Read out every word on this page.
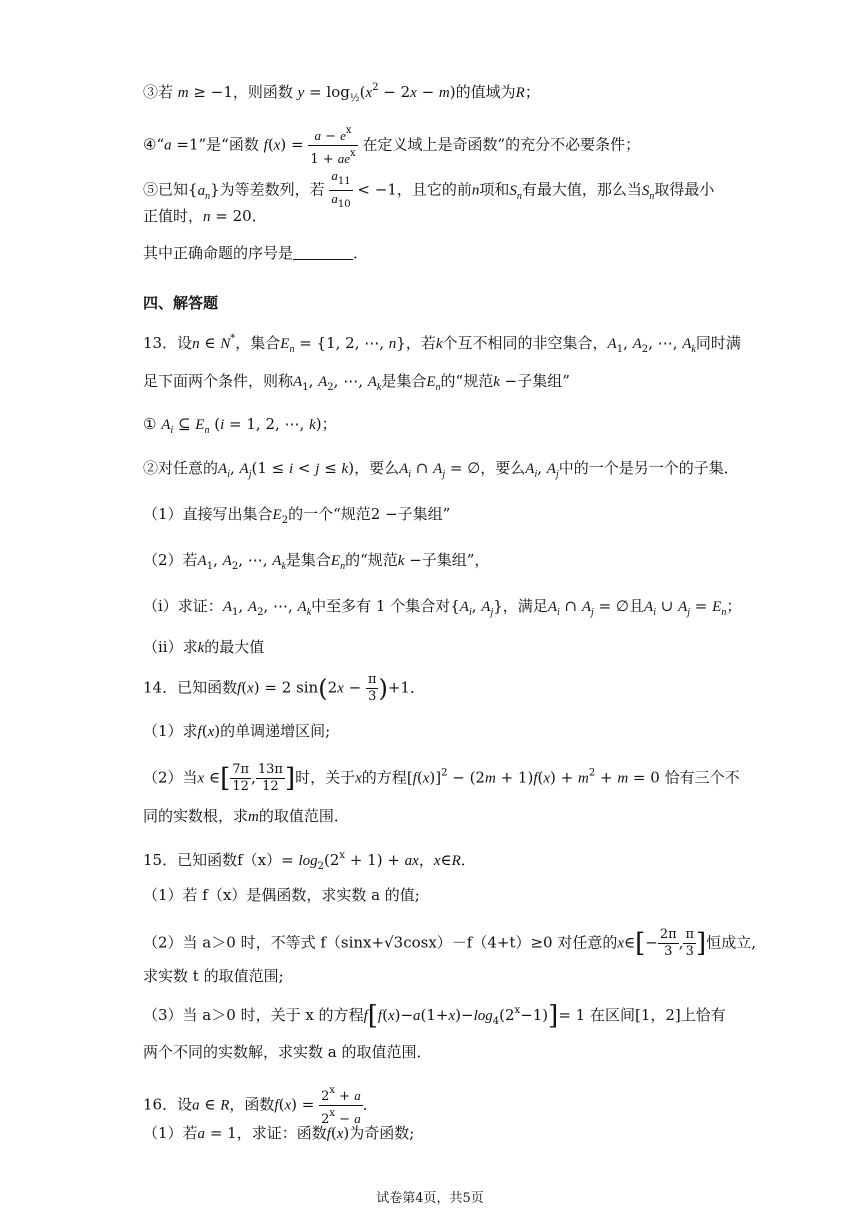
③若 m ≥ −1，则函数 $y = \log_{\frac{1}{2}}(x^2 - 2x - m)$的值域为R；
④“a =1”是“函数 $f(x) = \frac{a - e^x}{1 + ae^x}$ 在定义域上是奇函数”的充分不必要条件；
⑤已知$\{a_n\}$为等差数列，若 $\frac{a_{11}}{a_{10}} < -1$，且它的前n项和$S_n$有最大值，那么当$S_n$取得最小
正值时，n = 20．
其中正确命题的序号是	．
四、解答题
13．设n ∈ N*，集合$E_n = \{1$, 2, ⋯, n}，若k个互不相同的非空集合，$A_1$, $A_2$, ⋯, $A_k$同时满
足下面两个条件，则称$A_1$, $A_2$, ⋯, $A_k$是集合$E_n$的“规范k −子集组”
① $A_i$ ⊆ $E_n$ (i = 1, 2, ⋯, k)；
②对任意的$A_i$, $A_j(1 \le i < j \le k)$，要么$A_i$ ∩ $A_j$ = ∅，要么$A_i$, $A_j$中的一个是另一个的子集．
（1）直接写出集合$E_2$的一个“规范2 −子集组”
（2）若$A_1$, $A_2$, ⋯, $A_k$是集合$E_n$的“规范k −子集组”，
（i）求证：$A_1$, $A_2$, ⋯, $A_k$中至多有 1 个集合对{$A_i$, $A_j$}，满足$A_i$ ∩ $A_j$ = ∅且$A_i$ ∪ $A_j = E_n$；
（ii）求k的最大值
14．已知函数f(x) = 2 $\sin(2x - \frac{\pi}{3} )+1$．
（1）求f(x)的单调递增区间;
（2）当x ∈[ $\frac{7\pi}{12}$ , $\frac{13\pi}{12}$ ]时，关于x的方程$[f(x)]^2 - (2m + 1)f(x) + m^2 + m = 0$ 恰有三个不
同的实数根，求m的取值范围．
15．已知函数$f(x)= \log_2(2^x + 1)$ + ax，x∈R．
（1）若 f（x）是偶函数，求实数 a 的值;
（2）当 a＞0 时，不等式 f（sinx+√3cosx）－f（4+t）≥0 对任意的x∈[− $\frac{2\pi}{3}$ , $\frac{\pi}{3}$ ]恒成立,
求实数 t 的取值范围;
（3）当 a＞0 时，关于 x 的方程$f[f(x)-a(1+x)-\log_4(2^x-1)]= 1$ 在区间[1，2]上恰有
两个不同的实数解，求实数 a 的取值范围．
16．设a ∈ R，函数$f(x) = \frac{2^x + a}{2^x - a}$ ．
（1）若a = 1，求证：函数f(x)为奇函数;
试卷第4页，共5页
